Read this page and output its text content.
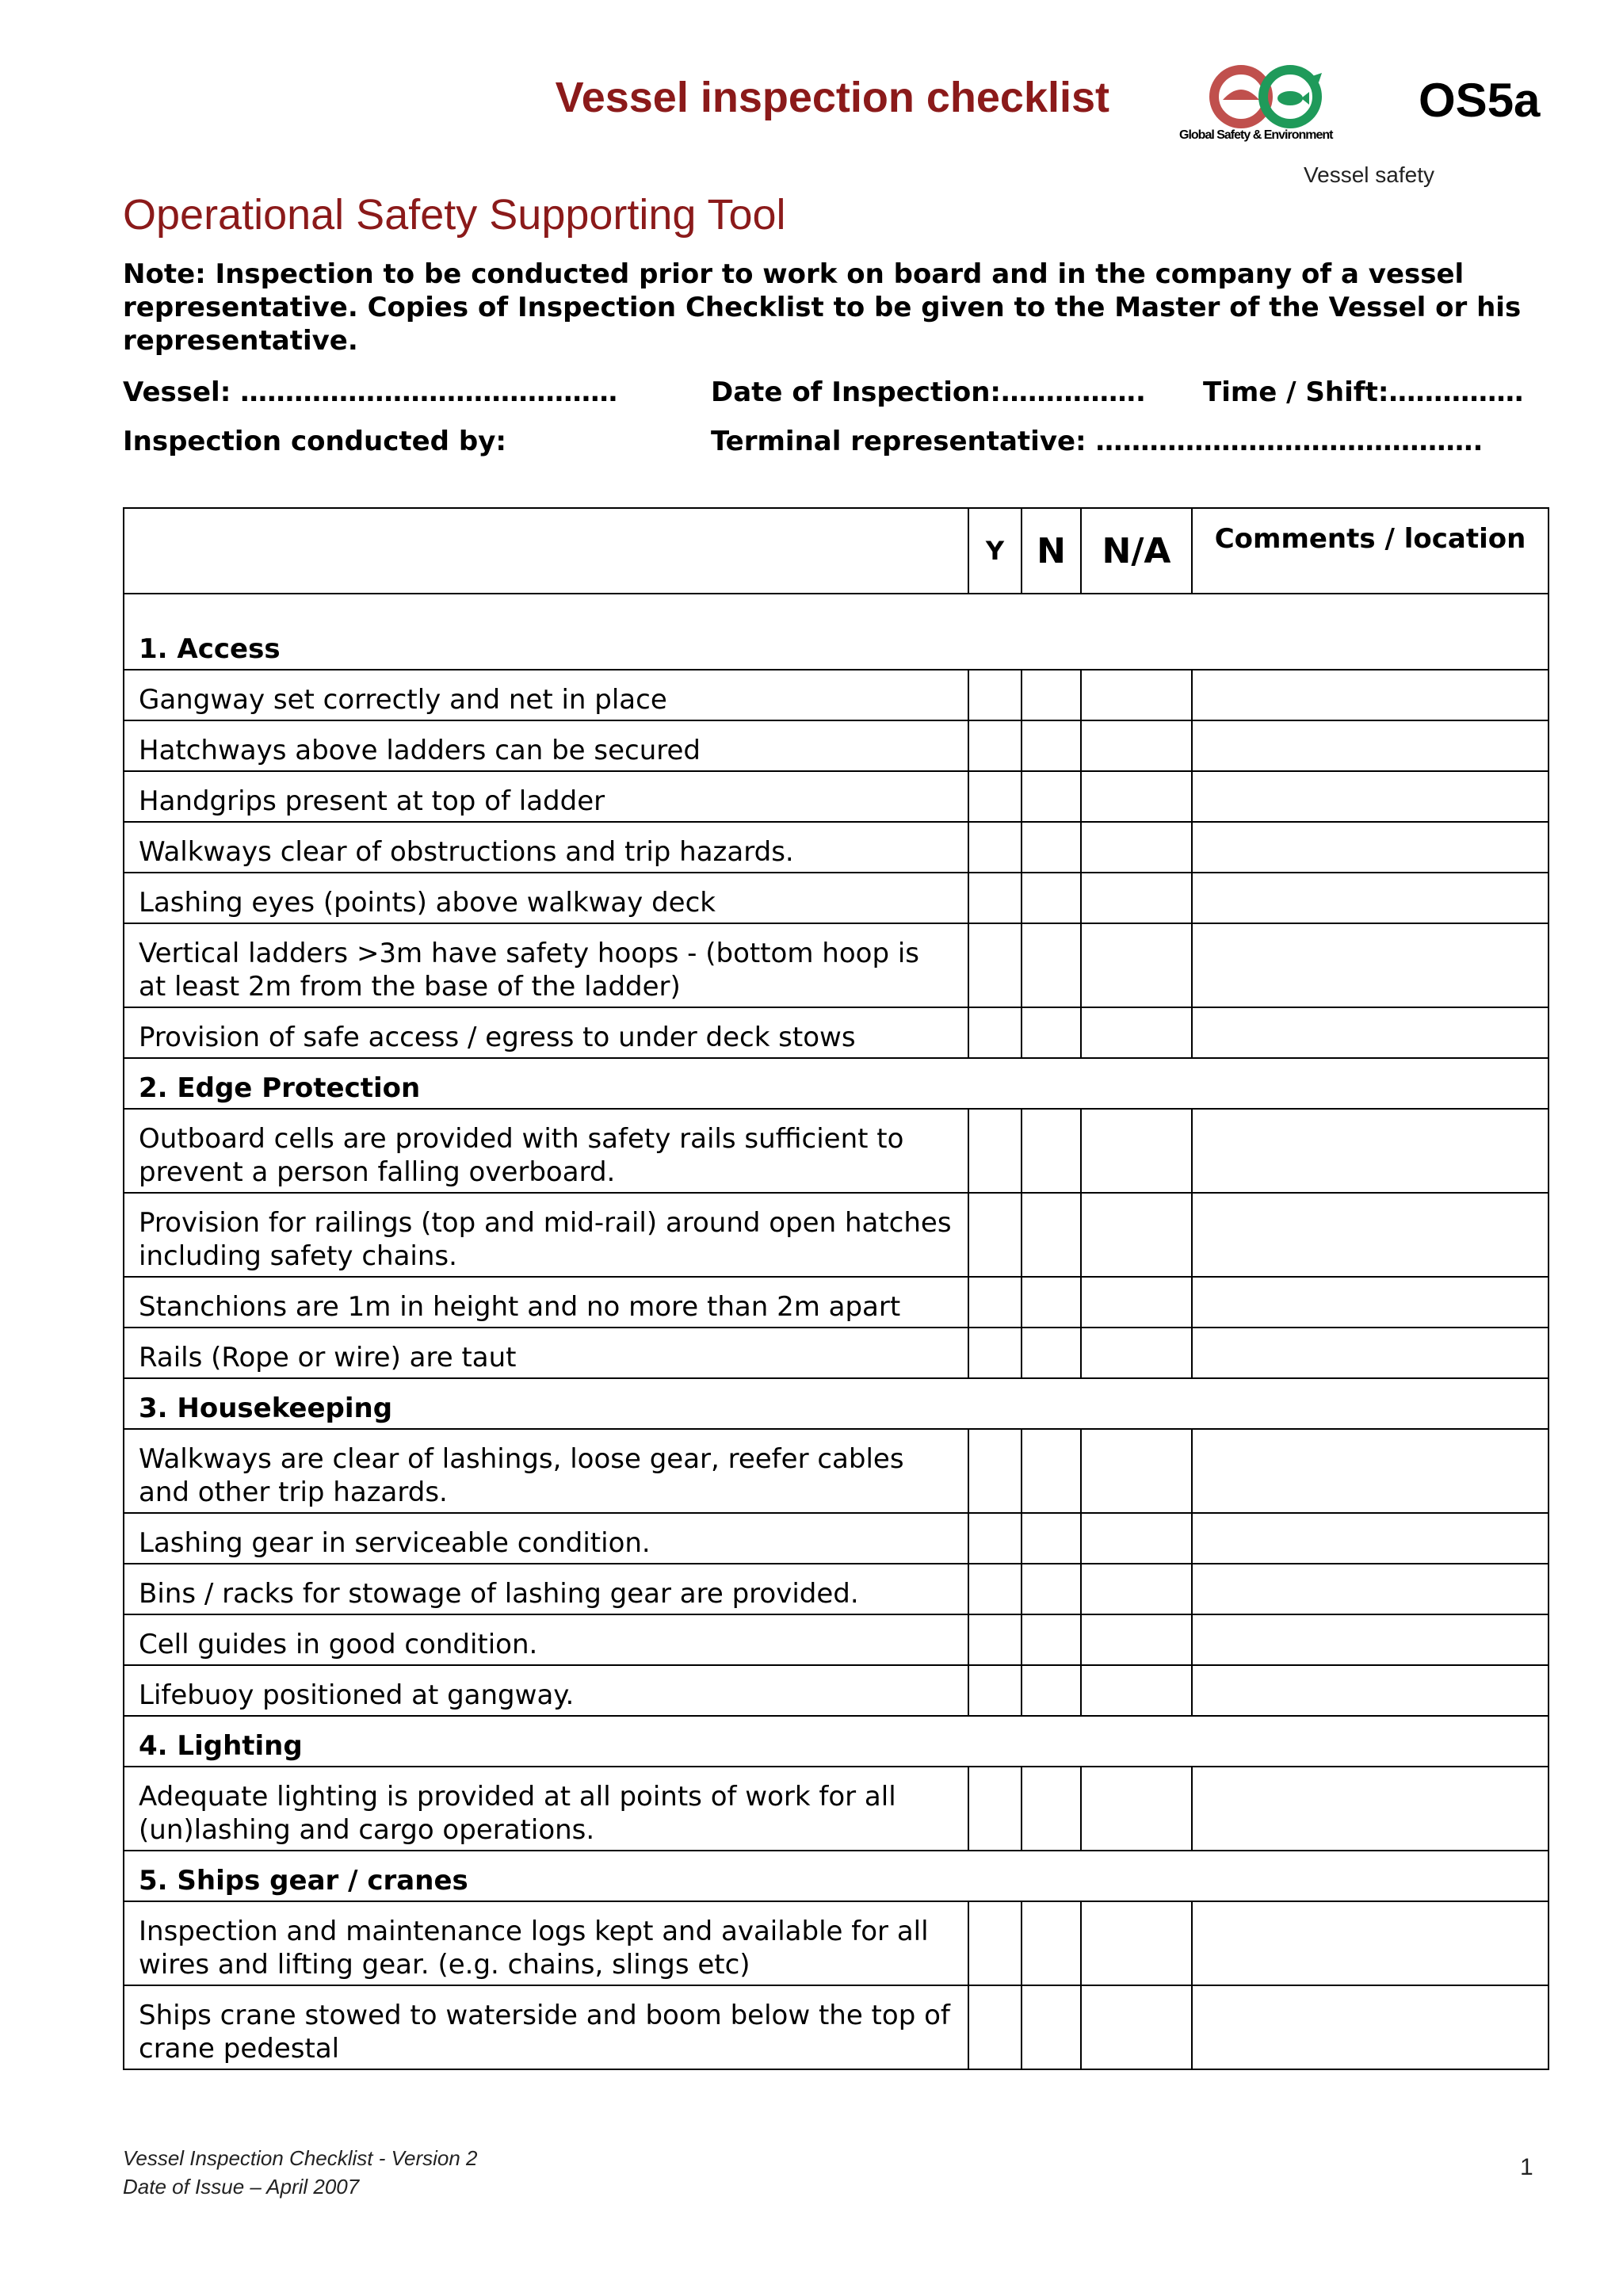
Vessel inspection checklist
Global Safety & Environment
OS5a
Vessel safety
Operational Safety Supporting Tool
Note: Inspection to be conducted prior to work on board and in the company of a vessel representative. Copies of Inspection Checklist to be given to the Master of the Vessel or his representative.
Vessel: ……………………………………	Date of Inspection:……………. Time / Shift:……………
Inspection conducted by:	Terminal representative: …………………………………….
	Y	N	N/A	Comments / location
1. Access				
Gangway set correctly and net in place				
Hatchways above ladders can be secured				
Handgrips present at top of ladder				
Walkways clear of obstructions and trip hazards.				
Lashing eyes (points) above walkway deck				
Vertical ladders >3m have safety hoops - (bottom hoop is at least 2m from the base of the ladder)				
Provision of safe access / egress to under deck stows				
2. Edge Protection				
Outboard cells are provided with safety rails sufficient to prevent a person falling overboard.				
Provision for railings (top and mid-rail) around open hatches including safety chains.				
Stanchions are 1m in height and no more than 2m apart				
Rails (Rope or wire) are taut				
3. Housekeeping				
Walkways are clear of lashings, loose gear, reefer cables and other trip hazards.				
Lashing gear in serviceable condition.				
Bins / racks for stowage of lashing gear are provided.				
Cell guides in good condition.				
Lifebuoy positioned at gangway.				
4. Lighting				
Adequate lighting is provided at all points of work for all (un)lashing and cargo operations.				
5. Ships gear / cranes				
Inspection and maintenance logs kept and available for all wires and lifting gear. (e.g. chains, slings etc)				
Ships crane stowed to waterside and boom below the top of crane pedestal				
Vessel Inspection Checklist - Version 2
Date of Issue – April 2007
1
